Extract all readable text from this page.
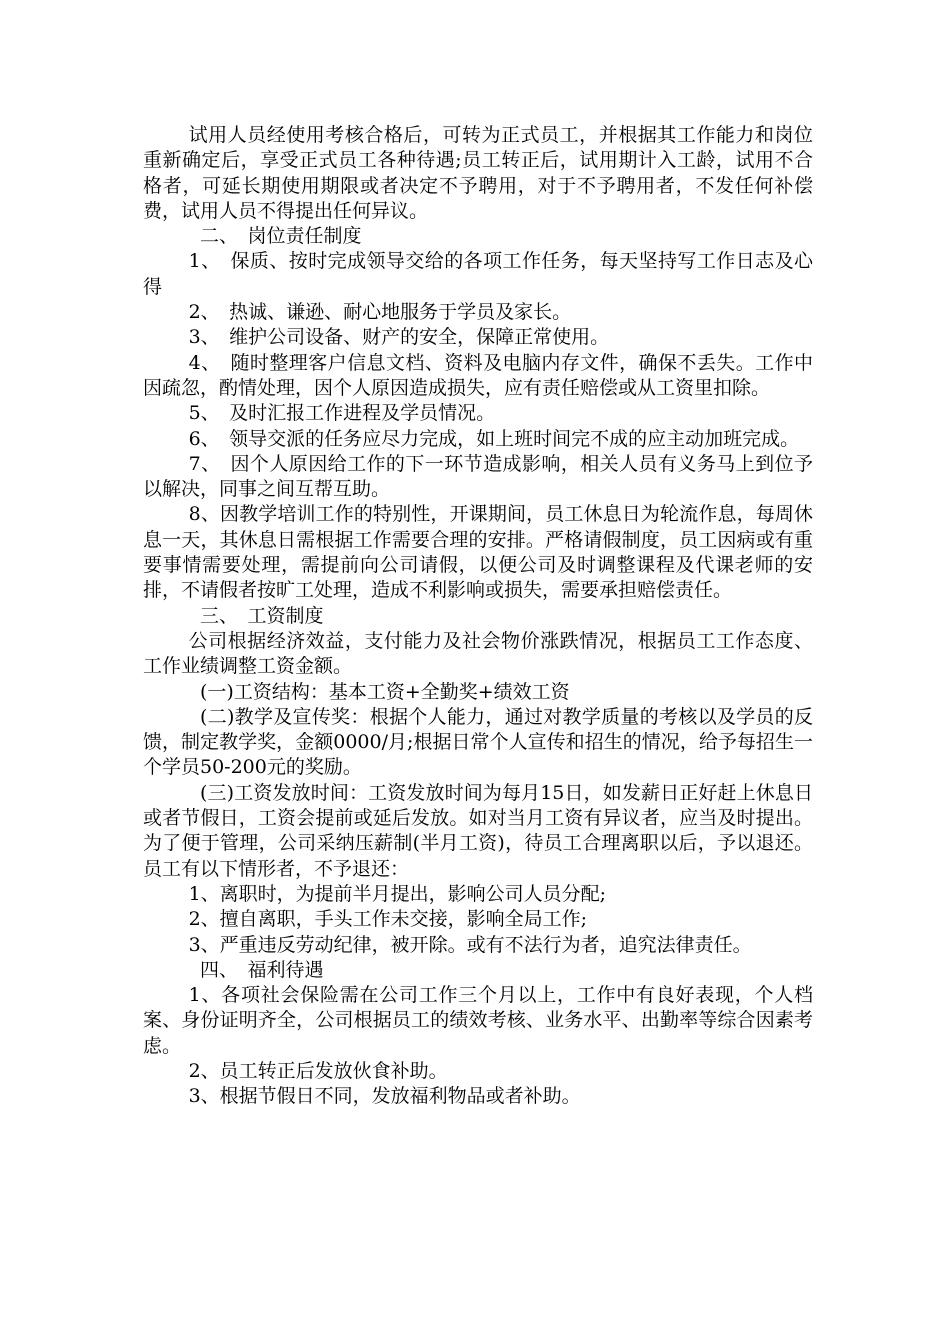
试用人员经使用考核合格后，可转为正式员工，并根据其工作能力和岗位重新确定后，享受正式员工各种待遇;员工转正后，试用期计入工龄，试用不合格者，可延长期使用期限或者决定不予聘用，对于不予聘用者，不发任何补偿费，试用人员不得提出任何异议。

二、　岗位责任制度

1、　保质、按时完成领导交给的各项工作任务，每天坚持写工作日志及心得

2、　热诚、谦逊、耐心地服务于学员及家长。

3、　维护公司设备、财产的安全，保障正常使用。

4、　随时整理客户信息文档、资料及电脑内存文件，确保不丢失。工作中因疏忽，酌情处理，因个人原因造成损失，应有责任赔偿或从工资里扣除。

5、　及时汇报工作进程及学员情况。

6、　领导交派的任务应尽力完成，如上班时间完不成的应主动加班完成。

7、　因个人原因给工作的下一环节造成影响，相关人员有义务马上到位予以解决，同事之间互帮互助。

8、因教学培训工作的特别性，开课期间，员工休息日为轮流作息，每周休息一天，其休息日需根据工作需要合理的安排。严格请假制度，员工因病或有重要事情需要处理，需提前向公司请假，以便公司及时调整课程及代课老师的安排，不请假者按旷工处理，造成不利影响或损失，需要承担赔偿责任。

三、　工资制度

公司根据经济效益，支付能力及社会物价涨跌情况，根据员工工作态度、工作业绩调整工资金额。

(一)工资结构：基本工资+全勤奖+绩效工资

(二)教学及宣传奖：根据个人能力，通过对教学质量的考核以及学员的反馈，制定教学奖，金额0000/月;根据日常个人宣传和招生的情况，给予每招生一个学员50-200元的奖励。

(三)工资发放时间：工资发放时间为每月15日，如发薪日正好赶上休息日或者节假日，工资会提前或延后发放。如对当月工资有异议者，应当及时提出。为了便于管理，公司采纳压薪制(半月工资)，待员工合理离职以后，予以退还。员工有以下情形者，不予退还：

1、离职时，为提前半月提出，影响公司人员分配;

2、擅自离职，手头工作未交接，影响全局工作;

3、严重违反劳动纪律，被开除。或有不法行为者，追究法律责任。

四、　福利待遇

1、各项社会保险需在公司工作三个月以上，工作中有良好表现，个人档案、身份证明齐全，公司根据员工的绩效考核、业务水平、出勤率等综合因素考虑。

2、员工转正后发放伙食补助。

3、根据节假日不同，发放福利物品或者补助。
